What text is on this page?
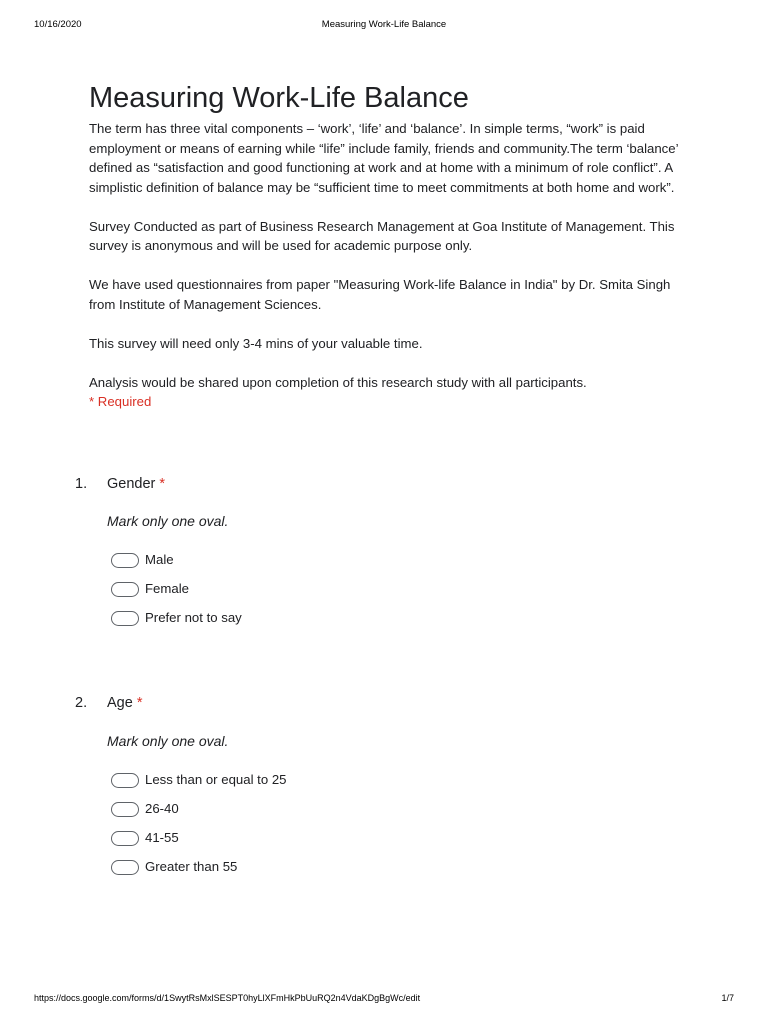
10/16/2020	Measuring Work-Life Balance
Measuring Work-Life Balance

The term has three vital components – ‘work’, ‘life’ and ‘balance’. In simple terms, “work” is paid employment or means of earning while “life” include family, friends and community.The term ‘balance’ defined as “satisfaction and good functioning at work and at home with a minimum of role conflict”. A simplistic definition of balance may be “sufficient time to meet commitments at both home and work”.

Survey Conducted as part of Business Research Management at Goa Institute of Management. This survey is anonymous and will be used for academic purpose only.

We have used questionnaires from paper "Measuring Work-life Balance in India" by Dr. Smita Singh from Institute of Management Sciences.

This survey will need only 3-4 mins of your valuable time.

Analysis would be shared upon completion of this research study with all participants.

* Required
1. Gender *
Mark only one oval.
Male
Female
Prefer not to say
2. Age *
Mark only one oval.
Less than or equal to 25
26-40
41-55
Greater than 55
https://docs.google.com/forms/d/1SwytRsMxlSESPT0hyLlXFmHkPbUuRQ2n4VdaKDgBgWc/edit	1/7
